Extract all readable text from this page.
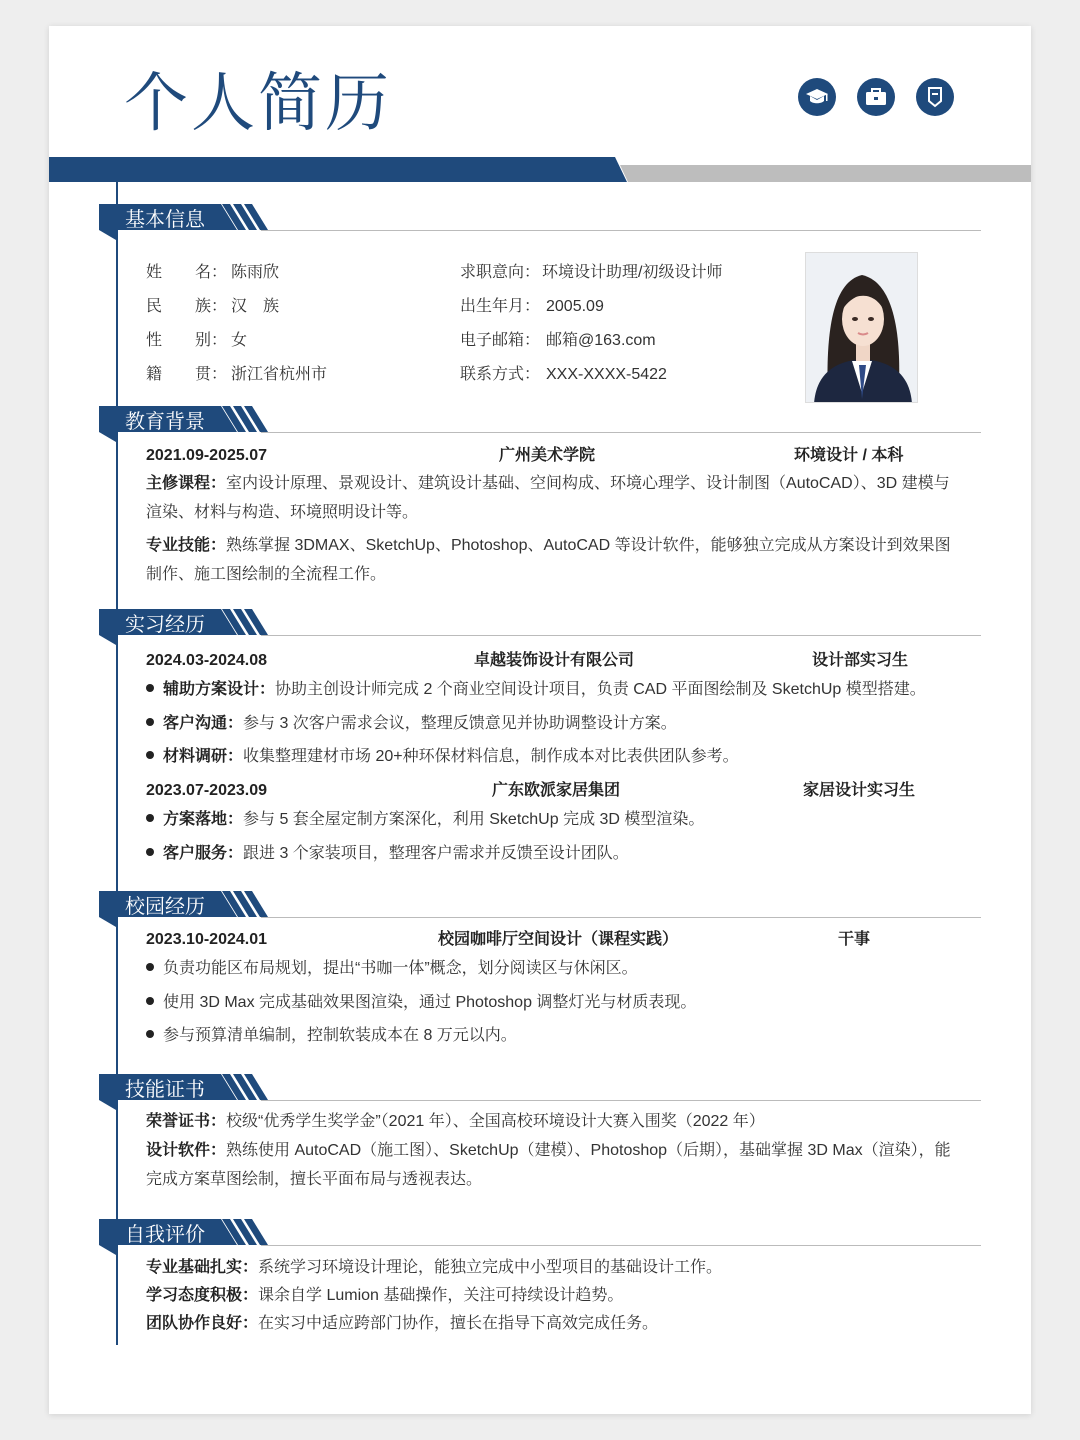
个人简历
基本信息
姓 名： 陈雨欣
民 族： 汉　族
性 别： 女
籍 贯： 浙江省杭州市
求职意向： 环境设计助理/初级设计师
出生年月： 2005.09
电子邮箱： 邮箱@163.com
联系方式： XXX-XXXX-5422
教育背景
2021.09-2025.07	广州美术学院	环境设计 / 本科
主修课程：室内设计原理、景观设计、建筑设计基础、空间构成、环境心理学、设计制图（AutoCAD）、3D 建模与渲染、材料与构造、环境照明设计等。
专业技能：熟练掌握 3DMAX、SketchUp、Photoshop、AutoCAD 等设计软件，能够独立完成从方案设计到效果图制作、施工图绘制的全流程工作。
实习经历
2024.03-2024.08	卓越装饰设计有限公司	设计部实习生
辅助方案设计：协助主创设计师完成 2 个商业空间设计项目，负责 CAD 平面图绘制及 SketchUp 模型搭建。
客户沟通：参与 3 次客户需求会议，整理反馈意见并协助调整设计方案。
材料调研：收集整理建材市场 20+种环保材料信息，制作成本对比表供团队参考。
2023.07-2023.09	广东欧派家居集团	家居设计实习生
方案落地：参与 5 套全屋定制方案深化，利用 SketchUp 完成 3D 模型渲染。
客户服务：跟进 3 个家装项目，整理客户需求并反馈至设计团队。
校园经历
2023.10-2024.01	校园咖啡厅空间设计（课程实践）	干事
负责功能区布局规划，提出“书咖一体”概念，划分阅读区与休闲区。
使用 3D Max 完成基础效果图渲染，通过 Photoshop 调整灯光与材质表现。
参与预算清单编制，控制软装成本在 8 万元以内。
技能证书
荣誉证书：校级“优秀学生奖学金”（2021 年）、全国高校环境设计大赛入围奖（2022 年）
设计软件：熟练使用 AutoCAD（施工图）、SketchUp（建模）、Photoshop（后期），基础掌握 3D Max（渲染），能完成方案草图绘制，擅长平面布局与透视表达。
自我评价
专业基础扎实：系统学习环境设计理论，能独立完成中小型项目的基础设计工作。
学习态度积极：课余自学 Lumion 基础操作，关注可持续设计趋势。
团队协作良好：在实习中适应跨部门协作，擅长在指导下高效完成任务。
